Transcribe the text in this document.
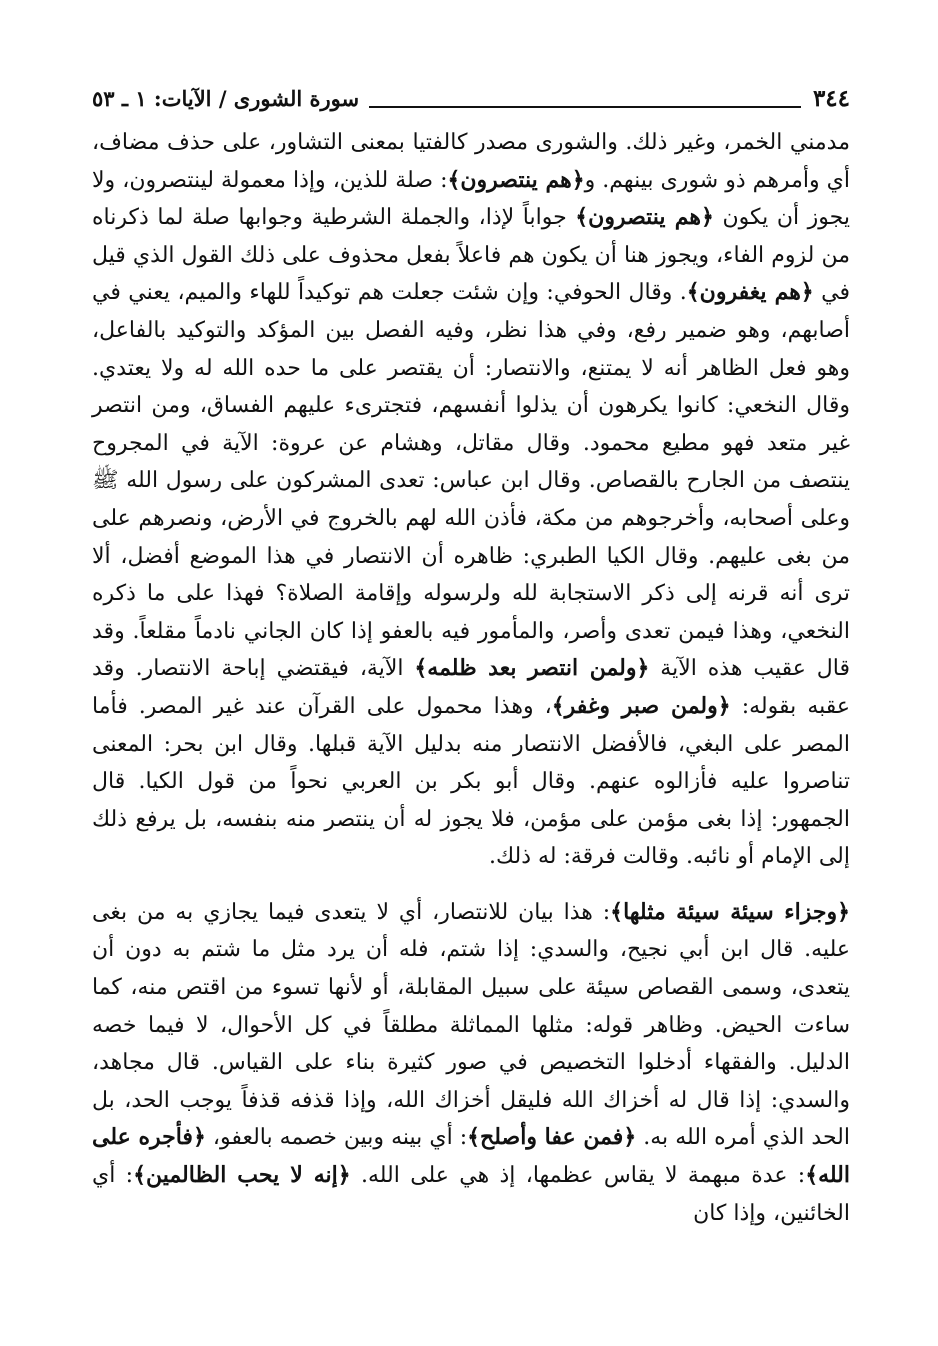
٣٤٤
سورة الشورى / الآيات: ١ ـ ٥٣

مدمني الخمر، وغير ذلك. والشورى مصدر كالفتيا بمعنى التشاور، على حذف مضاف، أي وأمرهم ذو شورى بينهم. و﴿هم ينتصرون﴾: صلة للذين، وإذا معمولة لينتصرون، ولا يجوز أن يكون ﴿هم ينتصرون﴾ جواباً لإذا، والجملة الشرطية وجوابها صلة لما ذكرناه من لزوم الفاء، ويجوز هنا أن يكون هم فاعلاً بفعل محذوف على ذلك القول الذي قيل في ﴿هم يغفرون﴾. وقال الحوفي: وإن شئت جعلت هم توكيداً للهاء والميم، يعني في أصابهم، وهو ضمير رفع، وفي هذا نظر، وفيه الفصل بين المؤكد والتوكيد بالفاعل، وهو فعل الظاهر أنه لا يمتنع، والانتصار: أن يقتصر على ما حده الله له ولا يعتدي. وقال النخعي: كانوا يكرهون أن يذلوا أنفسهم، فتجترىء عليهم الفساق، ومن انتصر غير متعد فهو مطيع محمود. وقال مقاتل، وهشام عن عروة: الآية في المجروح ينتصف من الجارح بالقصاص. وقال ابن عباس: تعدى المشركون على رسول الله ﷺ وعلى أصحابه، وأخرجوهم من مكة، فأذن الله لهم بالخروج في الأرض، ونصرهم على من بغى عليهم. وقال الكيا الطبري: ظاهره أن الانتصار في هذا الموضع أفضل، ألا ترى أنه قرنه إلى ذكر الاستجابة لله ولرسوله وإقامة الصلاة؟ فهذا على ما ذكره النخعي، وهذا فيمن تعدى وأصر، والمأمور فيه بالعفو إذا كان الجاني نادماً مقلعاً. وقد قال عقيب هذه الآية ﴿ولمن انتصر بعد ظلمه﴾ الآية، فيقتضي إباحة الانتصار. وقد عقبه بقوله: ﴿ولمن صبر وغفر﴾، وهذا محمول على القرآن عند غير المصر. فأما المصر على البغي، فالأفضل الانتصار منه بدليل الآية قبلها. وقال ابن بحر: المعنى تناصروا عليه فأزالوه عنهم. وقال أبو بكر بن العربي نحواً من قول الكيا. قال الجمهور: إذا بغى مؤمن على مؤمن، فلا يجوز له أن ينتصر منه بنفسه، بل يرفع ذلك إلى الإمام أو نائبه. وقالت فرقة: له ذلك.

﴿وجزاء سيئة سيئة مثلها﴾: هذا بيان للانتصار، أي لا يتعدى فيما يجازي به من بغى عليه. قال ابن أبي نجيح، والسدي: إذا شتم، فله أن يرد مثل ما شتم به دون أن يتعدى، وسمى القصاص سيئة على سبيل المقابلة، أو لأنها تسوء من اقتص منه، كما ساءت الحيض. وظاهر قوله: مثلها المماثلة مطلقاً في كل الأحوال، لا فيما خصه الدليل. والفقهاء أدخلوا التخصيص في صور كثيرة بناء على القياس. قال مجاهد، والسدي: إذا قال له أخزاك الله فليقل أخزاك الله، وإذا قذفه قذفاً يوجب الحد، بل الحد الذي أمره الله به. ﴿فمن عفا وأصلح﴾: أي بينه وبين خصمه بالعفو، ﴿فأجره على الله﴾: عدة مبهمة لا يقاس عظمها، إذ هي على الله. ﴿إنه لا يحب الظالمين﴾: أي الخائنين، وإذا كان
